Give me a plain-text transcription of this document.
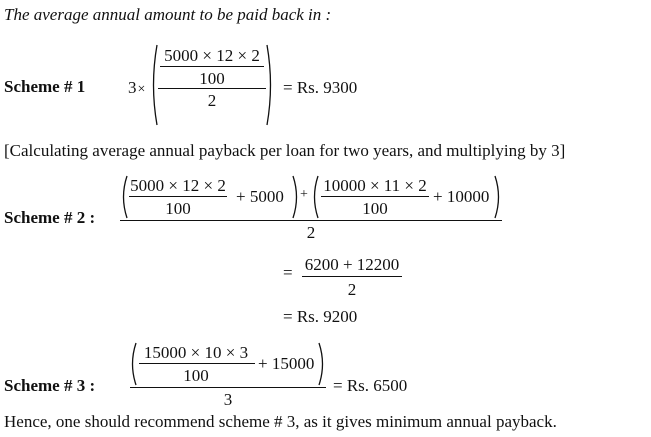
The average annual amount to be paid back in :
Scheme # 1	3×
5000 × 12 × 2
100
2
= Rs. 9300
[Calculating average annual payback per loan for two years, and multiplying by 3]
Scheme # 2 :
5000 × 12 × 2
100
+ 5000 + 10000 × 11 × 2
100
+ 10000
2
= 6200 + 12200
2
= Rs. 9200
Scheme # 3 :
15000 × 10 × 3
100
+ 15000
3
= Rs. 6500
Hence, one should recommend scheme # 3, as it gives minimum annual payback.
